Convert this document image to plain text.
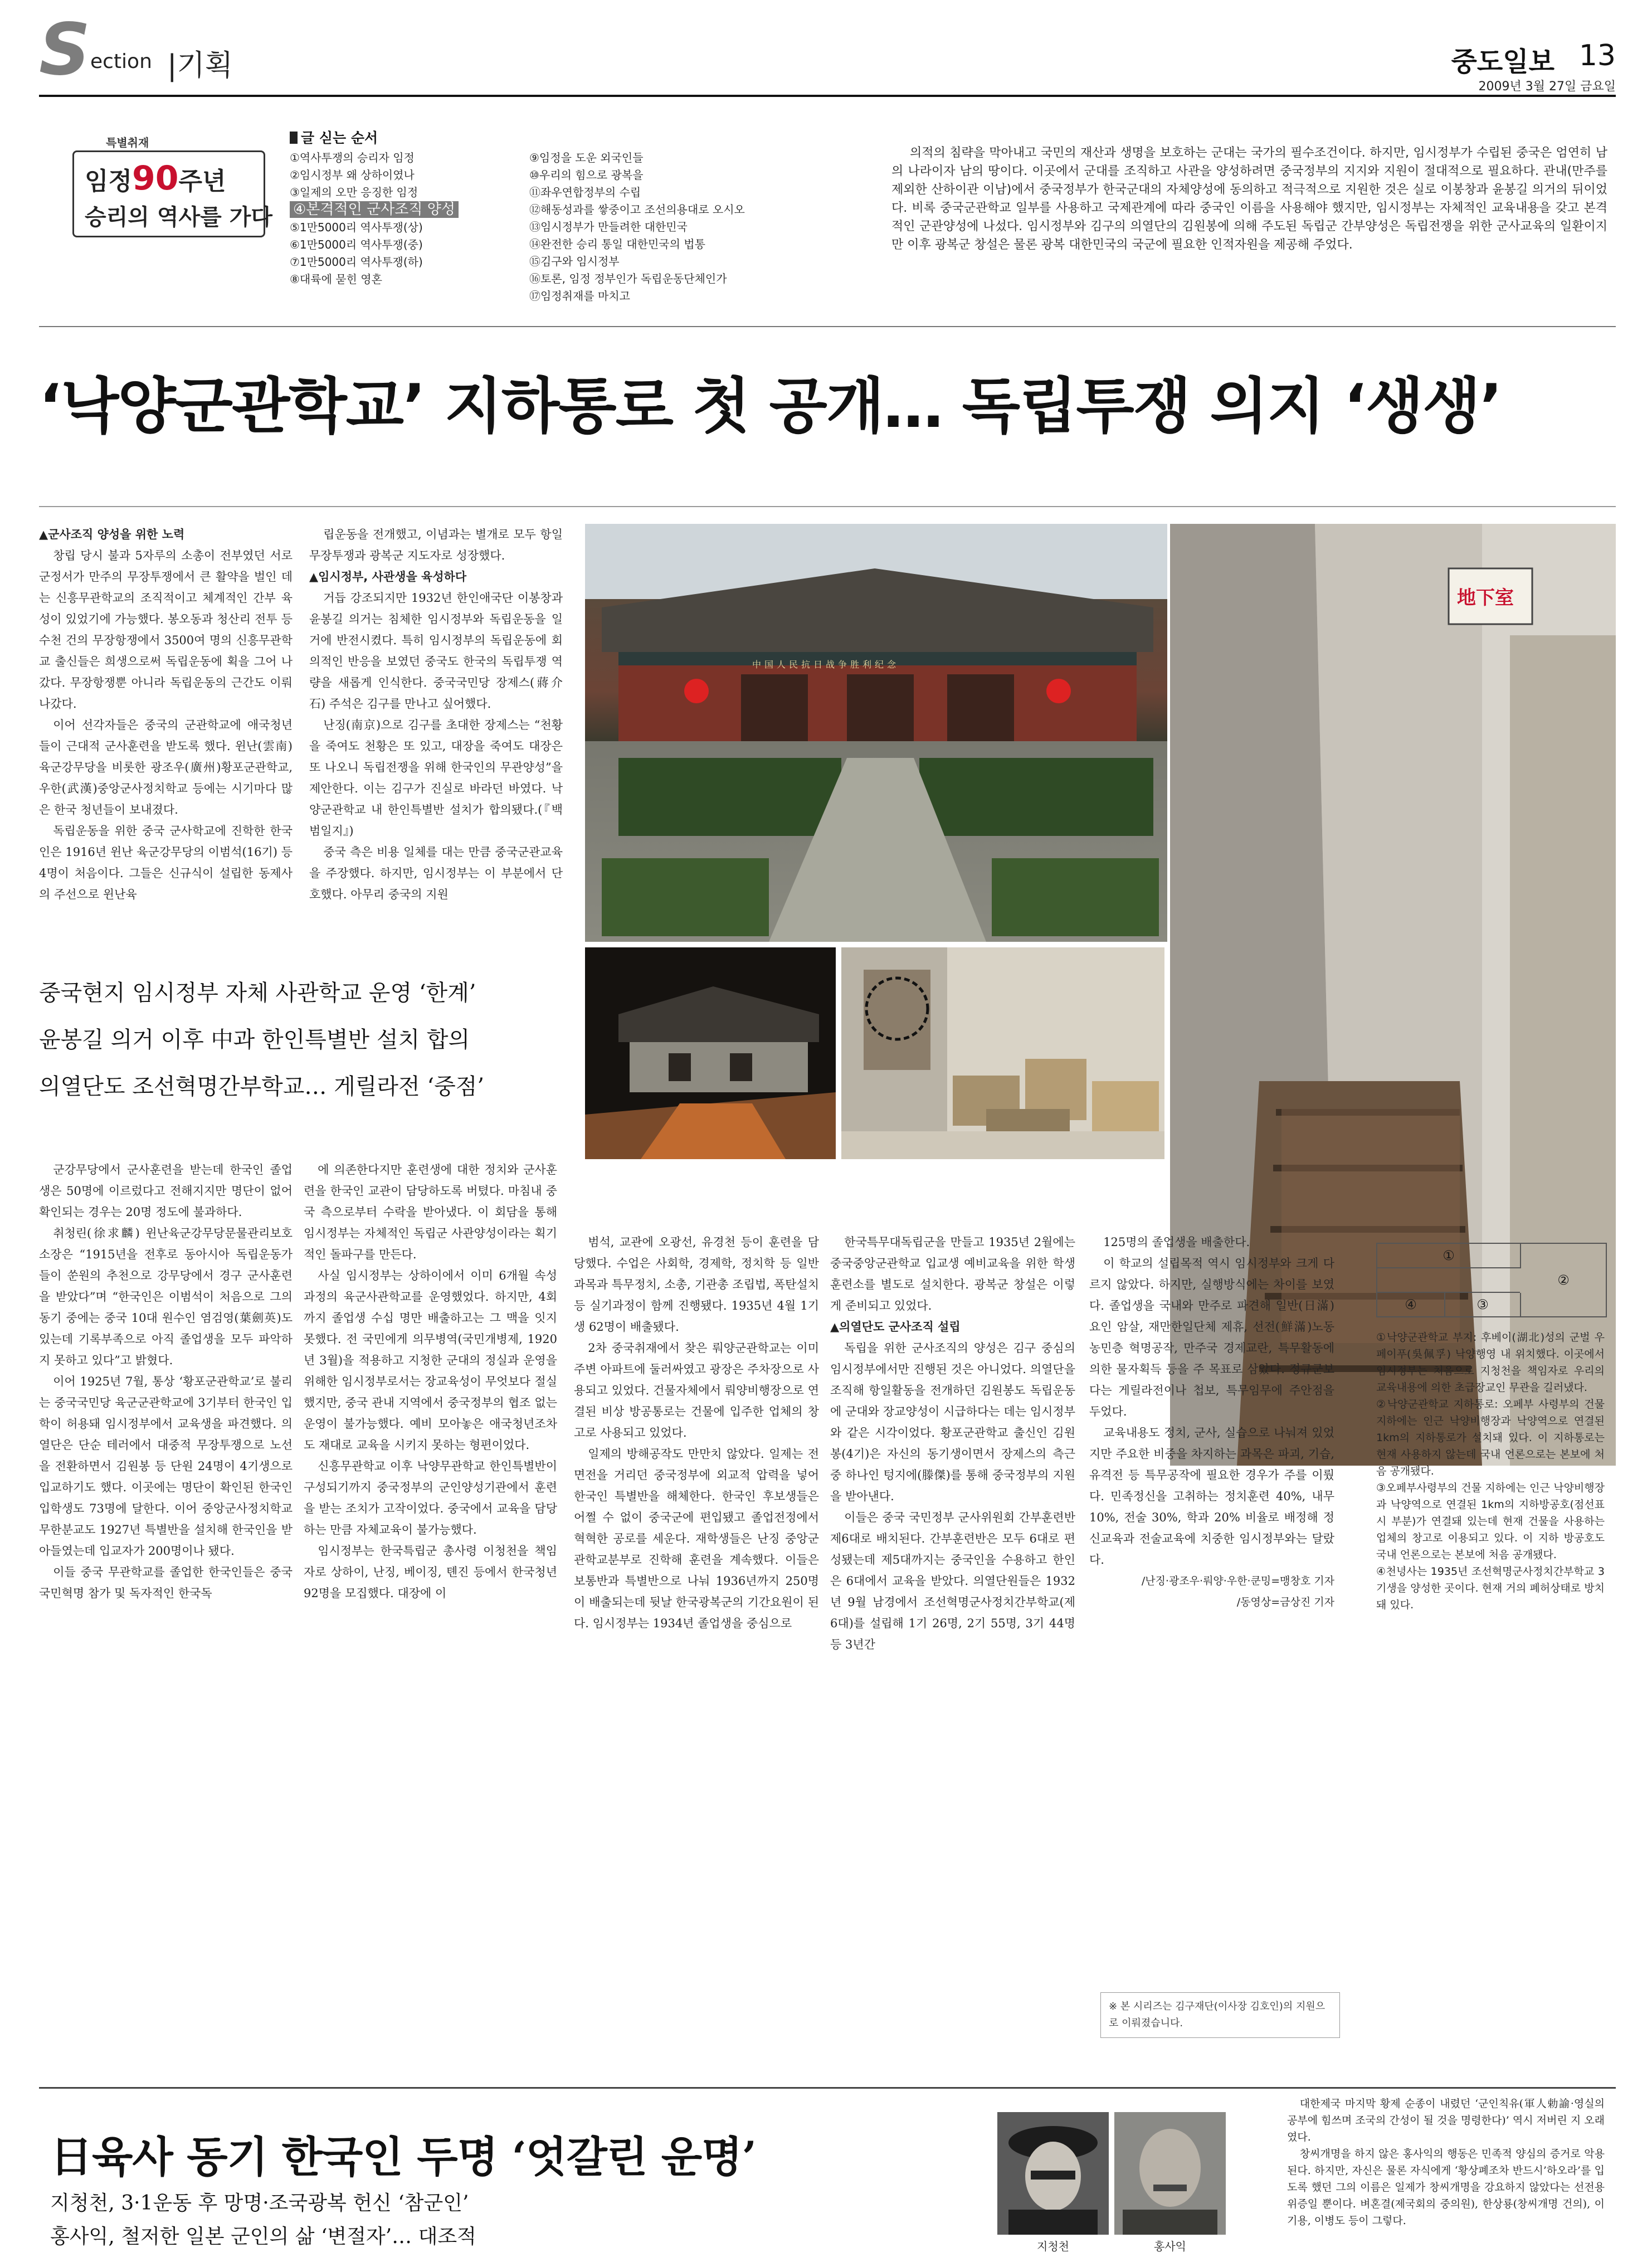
S ection |기획	중도일보 13
2009년 3월 27일 금요일
특별취재
임정90주년
승리의 역사를 가다
글 싣는 순서
①역사투쟁의 승리자 임정
②임시정부 왜 상하이였나
③일제의 오만 응징한 임정
④본격적인 군사조직 양성
⑤1만5000리 역사투쟁(상)
⑥1만5000리 역사투쟁(중)
⑦1만5000리 역사투쟁(하)
⑧대륙에 묻힌 영혼
⑨임정을 도운 외국인들
⑩우리의 힘으로 광복을
⑪좌우연합정부의 수립
⑫해동성과를 쌓중이고 조선의용대로 오시오
⑬임시정부가 만들려한 대한민국
⑭완전한 승리 통일 대한민국의 법통
⑮김구와 임시정부
⑯토론, 임정 정부인가 독립운동단체인가
⑰임정취재를 마치고
의적의 침략을 막아내고 국민의 재산과 생명을 보호하는 군대는 국가의 필수조건이다. 하지만, 임시정부가 수립된 중국은 엄연히 남의 나라이자 남의 땅이다. 이곳에서 군대를 조직하고 사관을 양성하려면 중국정부의 지지와 지원이 절대적으로 필요하다. 관내(만주를 제외한 산하이관 이남)에서 중국정부가 한국군대의 자체양성에 동의하고 적극적으로 지원한 것은 실로 이봉창과 윤봉길 의거의 뒤이었다. 비록 중국군관학교 일부를 사용하고 국제관계에 따라 중국인 이름을 사용해야 했지만, 임시정부는 자체적인 교육내용을 갖고 본격적인 군관양성에 나섰다. 임시정부와 김구의 의열단의 김원봉에 의해 주도된 독립군 간부양성은 독립전쟁을 위한 군사교육의 일환이지만 이후 광복군 창설은 물론 광복 대한민국의 국군에 필요한 인적자원을 제공해 주었다.
‘낙양군관학교’ 지하통로 첫 공개… 독립투쟁 의지 ‘생생’

▲군사조직 양성을 위한 노력

창립 당시 불과 5자루의 소총이 전부였던 서로군정서가 만주의 무장투쟁에서 큰 활약을 벌인 데는 신흥무관학교의 조직적이고 체계적인 간부 육성이 있었기에 가능했다. 봉오동과 청산리 전투 등 수천 건의 무장항쟁에서 3500여 명의 신흥무관학교 출신들은 희생으로써 독립운동에 획을 그어 나갔다. 무장항쟁뿐 아니라 독립운동의 근간도 이뤄나갔다.

이어 선각자들은 중국의 군관학교에 애국청년들이 근대적 군사훈련을 받도록 했다. 윈난(雲南)육군강무당을 비롯한 광조우(廣州)황포군관학교, 우한(武漢)중앙군사정치학교 등에는 시기마다 많은 한국 청년들이 보내졌다.

독립운동을 위한 중국 군사학교에 진학한 한국인은 1916년 윈난 육군강무당의 이범석(16기) 등 4명이 처음이다. 그들은 신규식이 설립한 동제사의 주선으로 윈난육

립운동을 전개했고, 이념과는 별개로 모두 항일무장투쟁과 광복군 지도자로 성장했다.

▲임시정부, 사관생을 육성하다

거듭 강조되지만 1932년 한인애국단 이봉창과 윤봉길 의거는 침체한 임시정부와 독립운동을 일거에 반전시켰다. 특히 임시정부의 독립운동에 회의적인 반응을 보였던 중국도 한국의 독립투쟁 역량을 새롭게 인식한다. 중국국민당 장제스(蔣介石) 주석은 김구를 만나고 싶어했다.

난징(南京)으로 김구를 초대한 장제스는 “천황을 죽여도 천황은 또 있고, 대장을 죽여도 대장은 또 나오니 독립전쟁을 위해 한국인의 무관양성”을 제안한다. 이는 김구가 진실로 바라던 바였다. 낙양군관학교 내 한인특별반 설치가 합의됐다.(『백범일지』)

중국 측은 비용 일체를 대는 만큼 중국군관교육을 주장했다. 하지만, 임시정부는 이 부분에서 단호했다. 아무리 중국의 지원

중국현지 임시정부 자체 사관학교 운영 ‘한계’
윤봉길 의거 이후 中과 한인특별반 설치 합의
의열단도 조선혁명간부학교… 게릴라전 ‘중점’
中国人民抗日战争胜利纪念
地下室

군강무당에서 군사훈련을 받는데 한국인 졸업생은 50명에 이르렀다고 전해지지만 명단이 없어 확인되는 경우는 20명 정도에 불과하다.

취청린(徐求麟) 윈난육군강무당문물관리보호소장은 “1915년을 전후로 동아시아 독립운동가들이 쑨원의 추천으로 강무당에서 경구 군사훈련을 받았다”며 “한국인은 이범석이 처음으로 그의 동기 중에는 중국 10대 원수인 염검영(葉劍英)도 있는데 기록부족으로 아직 졸업생을 모두 파악하지 못하고 있다”고 밝혔다.

이어 1925년 7월, 통상 ‘황포군관학교’로 불리는 중국국민당 육군군관학교에 3기부터 한국인 입학이 허용돼 임시정부에서 교육생을 파견했다. 의열단은 단순 테러에서 대중적 무장투쟁으로 노선을 전환하면서 김원봉 등 단원 24명이 4기생으로 입교하기도 했다. 이곳에는 명단이 확인된 한국인 입학생도 73명에 달한다. 이어 중앙군사정치학교 무한분교도 1927년 특별반을 설치해 한국인을 받아들였는데 입교자가 200명이나 됐다.

이들 중국 무관학교를 졸업한 한국인들은 중국국민혁명 참가 및 독자적인 한국독

에 의존한다지만 훈련생에 대한 정치와 군사훈련을 한국인 교관이 담당하도록 버텼다. 마침내 중국 측으로부터 수락을 받아냈다. 이 회담을 통해 임시정부는 자체적인 독립군 사관양성이라는 획기적인 돌파구를 만든다.

사실 임시정부는 상하이에서 이미 6개월 속성과정의 육군사관학교를 운영했었다. 하지만, 4회까지 졸업생 수십 명만 배출하고는 그 맥을 잇지 못했다. 전 국민에게 의무병역(국민개병제, 1920년 3월)을 적용하고 지청한 군대의 정실과 운영을 위해한 임시정부로서는 장교육성이 무엇보다 절실했지만, 중국 관내 지역에서 중국정부의 협조 없는 운영이 불가능했다. 예비 모아놓은 애국청년조차도 재대로 교육을 시키지 못하는 형편이었다.

신흥무관학교 이후 낙양무관학교 한인특별반이 구성되기까지 중국정부의 군인양성기관에서 훈련을 받는 조치가 고작이었다. 중국에서 교육을 담당하는 만큼 자체교육이 불가능했다.

임시정부는 한국특립군 총사령 이청천을 책임자로 상하이, 난징, 베이징, 톈진 등에서 한국청년 92명을 모집했다. 대장에 이

범석, 교관에 오광선, 유경천 등이 훈련을 담당했다. 수업은 사회학, 경제학, 정치학 등 일반과목과 특무정치, 소총, 기관총 조립법, 폭탄설치 등 실기과정이 함께 진행됐다. 1935년 4월 1기생 62명이 배출됐다.

2차 중국취재에서 찾은 뤄양군관학교는 이미 주변 아파트에 둘러싸였고 광장은 주차장으로 사용되고 있었다. 건물자체에서 뤄양비행장으로 연결된 비상 방공통로는 건물에 입주한 업체의 창고로 사용되고 있었다.

일제의 방해공작도 만만치 않았다. 일제는 전면전을 거리던 중국정부에 외교적 압력을 넣어 한국인 특별반을 해체한다. 한국인 후보생들은 어쩔 수 없이 중국군에 편입됐고 졸업전정에서 혁혁한 공로를 세운다. 재학생들은 난징 중앙군관학교분부로 진학해 훈련을 계속했다. 이들은 보통반과 특별반으로 나눠 1936년까지 250명이 배출되는데 뒷날 한국광복군의 기간요원이 된다. 임시정부는 1934년 졸업생을 중심으로

한국특무대독립군을 만들고 1935년 2월에는 중국중앙군관학교 입교생 예비교육을 위한 학생훈련소를 별도로 설치한다. 광복군 창설은 이렇게 준비되고 있었다.

▲의열단도 군사조직 설립

독립을 위한 군사조직의 양성은 김구 중심의 임시정부에서만 진행된 것은 아니었다. 의열단을 조직해 항일활동을 전개하던 김원봉도 독립운동에 군대와 장교양성이 시급하다는 데는 임시정부와 같은 시각이었다. 황포군관학교 출신인 김원봉(4기)은 자신의 동기생이면서 장제스의 측근 중 하나인 텅지에(滕傑)를 통해 중국정부의 지원을 받아낸다.

이들은 중국 국민정부 군사위원회 간부훈련반 제6대로 배치된다. 간부훈련반은 모두 6대로 편성됐는데 제5대까지는 중국인을 수용하고 한인은 6대에서 교육을 받았다. 의열단원들은 1932년 9월 남경에서 조선혁명군사정치간부학교(제6대)를 설립해 1기 26명, 2기 55명, 3기 44명 등 3년간

125명의 졸업생을 배출한다.

이 학교의 설립목적 역시 임시정부와 크게 다르지 않았다. 하지만, 실행방식에는 차이를 보였다. 졸업생을 국내와 만주로 파견해 일반(日滿)요인 암살, 재만한일단체 제휴, 선전(鮮滿)노동농민층 혁명공작, 만주국 경제교란, 특무활동에 의한 물자획득 등을 주 목표로 삼았다. 정규군보다는 게릴라전이나 첩보, 특무임무에 주안점을 두었다.

교육내용도 정치, 군사, 실습으로 나눠져 있었지만 주요한 비중을 차지하는 과목은 파괴, 기습, 유격전 등 특무공작에 필요한 경우가 주를 이뤘다. 민족정신을 고취하는 정치훈련 40%, 내무 10%, 전술 30%, 학과 20% 비율로 배정해 정신교육과 전술교육에 치중한 임시정부와는 달랐다.

/난징·광조우·뤄양·우한·쿤밍=맹창호 기자
/동영상=금상진 기자

※ 본 시리즈는 김구재단(이사장 김호인)의 지원으로 이뤄졌습니다.
①
②
④	③
①낙양군관학교 부지: 후베이(湖北)성의 군벌 우페이푸(吳佩孚) 낙양행영 내 위치했다. 이곳에서 임시정부는 처음으로 지청천을 책임자로 우리의 교육내용에 의한 초급장교인 무관을 길러냈다.
②낙양군관학교 지하통로: 오페부 사령부의 건물 지하에는 인근 낙양비행장과 낙양역으로 연결된 1km의 지하통로가 설치돼 있다. 이 지하통로는 현재 사용하지 않는데 국내 언론으로는 본보에 처음 공개됐다.
③오페부사령부의 건물 지하에는 인근 낙양비행장과 낙양역으로 연결된 1km의 지하방공호(점선표시 부분)가 연결돼 있는데 현재 건물을 사용하는 업체의 창고로 이용되고 있다. 이 지하 방공호도 국내 언론으로는 본보에 처음 공개됐다.
④천녕사는 1935년 조선혁명군사정치간부학교 3기생을 양성한 곳이다. 현재 거의 폐허상태로 방치돼 있다.
日육사 동기 한국인 두명 ‘엇갈린 운명’
지청천, 3·1운동 후 망명·조국광복 헌신 ‘참군인’
홍사익, 철저한 일본 군인의 삶 ‘변절자’… 대조적	지청천	홍사익

대한제국 마지막 황제 순종이 내렸던 ‘군인칙유(軍人勅諭·영실의 공부에 힘쓰며 조국의 간성이 될 것을 명령한다)’ 역시 저버린 지 오래였다.

창씨개명을 하지 않은 홍사익의 행동은 민족적 양심의 증거로 악용된다. 하지만, 자신은 물론 자식에게 ‘황상폐조차 반드시’하오라’를 입도록 했던 그의 이름은 일제가 창씨개명을 강요하지 않았다는 선전용 위증일 뿐이다. 벼혼결(제국회의 중의원), 한상룡(창씨개명 건의), 이기용, 이병도 등이 그렇다.
